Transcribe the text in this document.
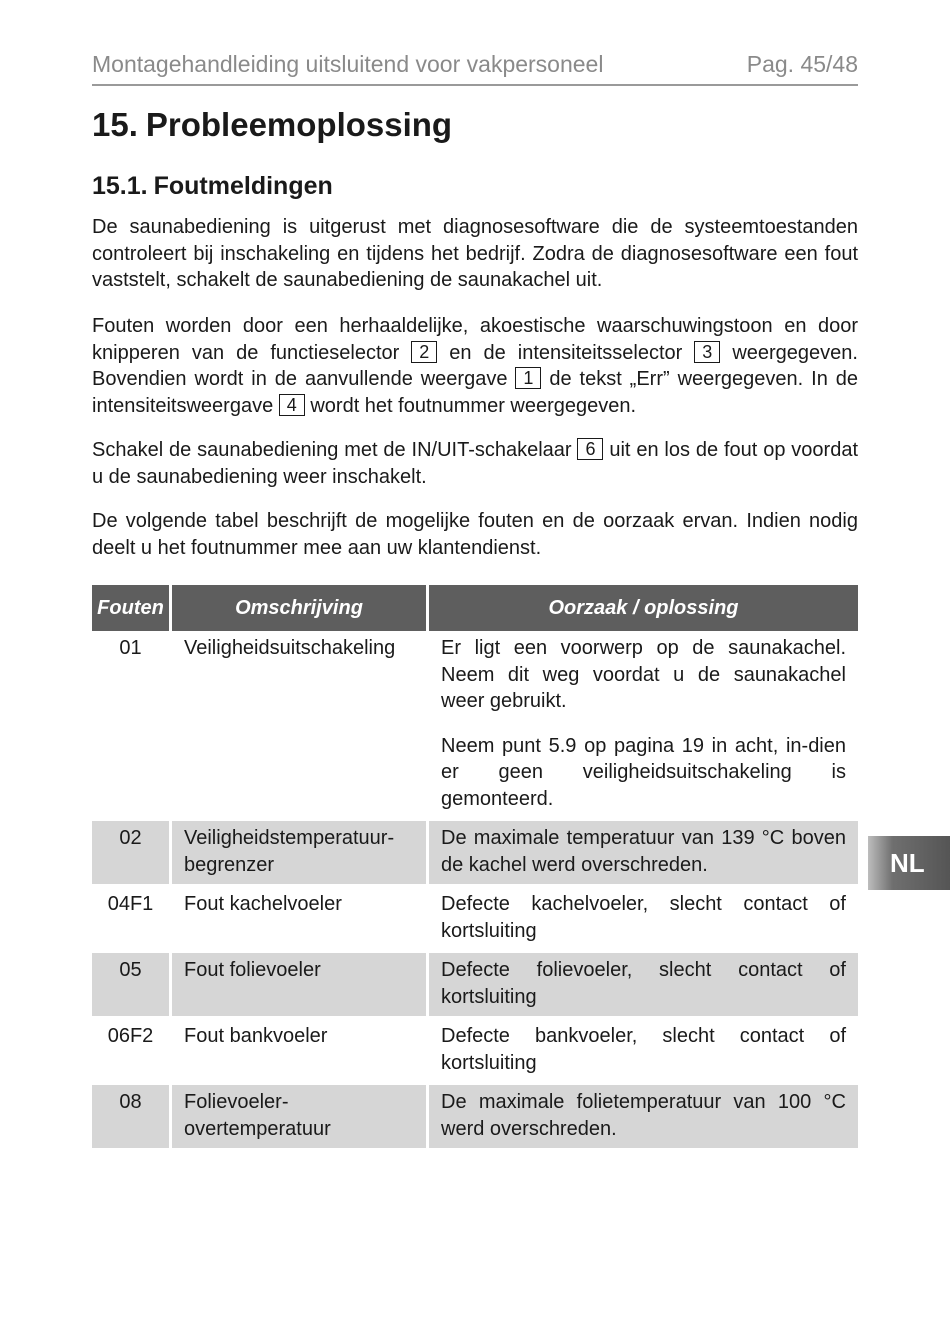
Montagehandleiding uitsluitend voor vakpersoneel	Pag. 45/48
15. Probleemoplossing
15.1. Foutmeldingen

De saunabediening is uitgerust met diagnosesoftware die de systeemtoestanden controleert bij inschakeling en tijdens het bedrijf. Zodra de diagnosesoftware een fout vaststelt, schakelt de saunabediening de saunakachel uit.

Fouten worden door een herhaaldelijke, akoestische waarschuwingstoon en door knipperen van de functieselector 2 en de intensiteitsselector 3 weergegeven. Bovendien wordt in de aanvullende weergave 1 de tekst „Err” weergegeven. In de intensiteitsweergave 4 wordt het foutnummer weergegeven.

Schakel de saunabediening met de IN/UIT-schakelaar 6 uit en los de fout op voordat u de saunabediening weer inschakelt.

De volgende tabel beschrijft de mogelijke fouten en de oorzaak ervan. Indien nodig deelt u het foutnummer mee aan uw klantendienst.

Fouten	Omschrijving	Oorzaak / oplossing
01	Veiligheidsuitschakeling	Er ligt een voorwerp op de saunakachel. Neem dit weg voordat u de saunakachel weer gebruikt.

Neem punt 5.9 op pagina 19 in acht, in-dien er geen veiligheidsuitschakeling is gemonteerd.

02	Veiligheidstemperatuur-begrenzer	De maximale temperatuur van 139 °C boven de kachel werd overschreden.
04F1	Fout kachelvoeler	Defecte kachelvoeler, slecht contact of kortsluiting
05	Fout folievoeler	Defecte folievoeler, slecht contact of kortsluiting
06F2	Fout bankvoeler	Defecte bankvoeler, slecht contact of kortsluiting
08	Folievoeler-overtemperatuur	De maximale folietemperatuur van 100 °C werd overschreden.
NL
